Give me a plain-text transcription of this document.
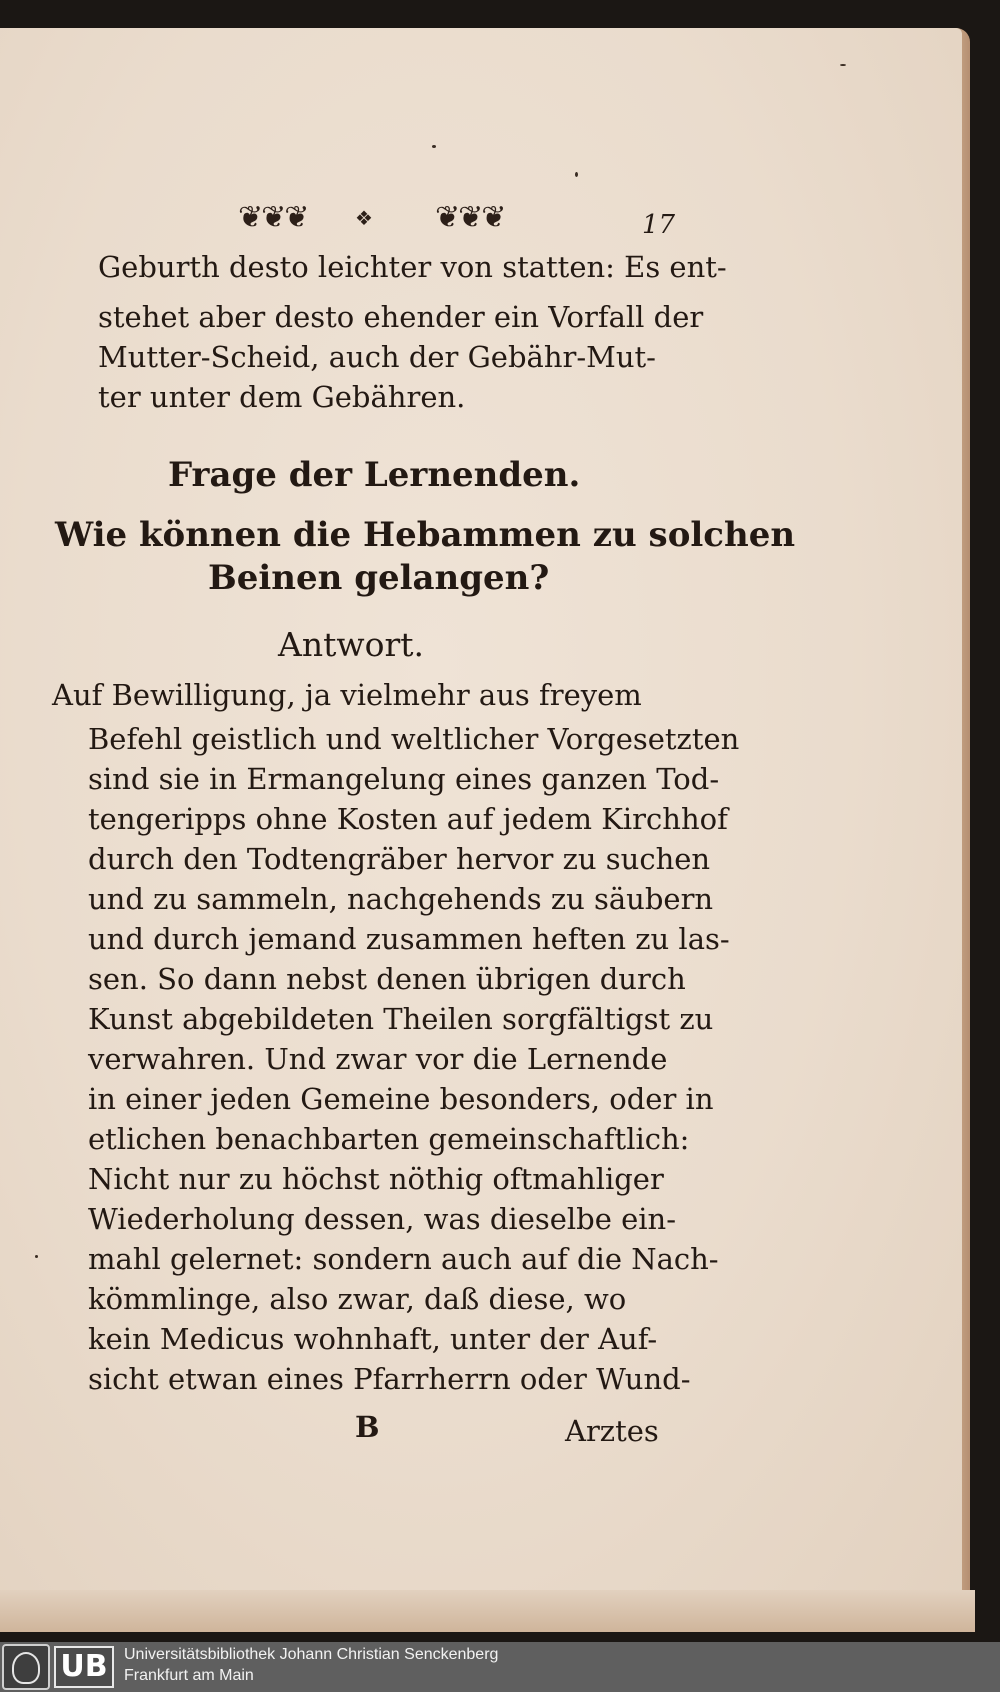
❦❦❦ ❖ ❦❦❦	17
Geburth desto leichter von statten: Es ent-
stehet aber desto ehender ein Vorfall der
Mutter-Scheid, auch der Gebähr-Mut-
ter unter dem Gebähren.
Frage der Lernenden.
Wie können die Hebammen zu solchen
Beinen gelangen?
Antwort.
Auf Bewilligung, ja vielmehr aus freyem
Befehl geistlich und weltlicher Vorgesetzten
sind sie in Ermangelung eines ganzen Tod-
tengeripps ohne Kosten auf jedem Kirchhof
durch den Todtengräber hervor zu suchen
und zu sammeln, nachgehends zu säubern
und durch jemand zusammen heften zu las-
sen. So dann nebst denen übrigen durch
Kunst abgebildeten Theilen sorgfältigst zu
verwahren. Und zwar vor die Lernende
in einer jeden Gemeine besonders, oder in
etlichen benachbarten gemeinschaftlich:
Nicht nur zu höchst nöthig oftmahliger
Wiederholung dessen, was dieselbe ein-
mahl gelernet: sondern auch auf die Nach-
kömmlinge, also zwar, daß diese, wo
kein Medicus wohnhaft, unter der Auf-
sicht etwan eines Pfarrherrn oder Wund-
B	Arztes
UB	Universitätsbibliothek Johann Christian Senckenberg
Frankfurt am Main
